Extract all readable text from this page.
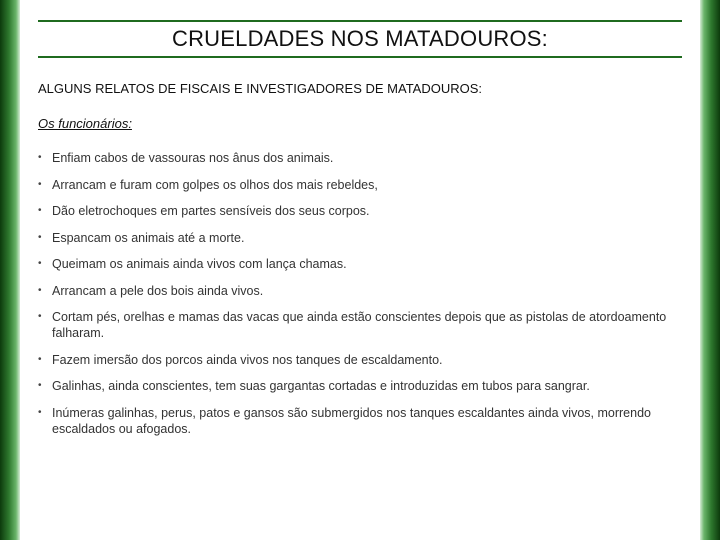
CRUELDADES NOS MATADOUROS:
ALGUNS RELATOS DE FISCAIS E INVESTIGADORES DE MATADOUROS:
Os funcionários:
• Enfiam cabos de vassouras nos ânus dos animais.
• Arrancam e furam com golpes os olhos dos mais rebeldes,
• Dão eletrochoques em partes sensíveis dos seus corpos.
• Espancam os animais até a morte.
• Queimam os animais ainda vivos com lança chamas.
• Arrancam a pele dos bois ainda vivos.
• Cortam pés, orelhas e mamas das vacas que ainda estão conscientes depois que as pistolas de atordoamento falharam.
• Fazem imersão dos porcos ainda vivos nos tanques de escaldamento.
• Galinhas, ainda conscientes, tem suas gargantas cortadas e introduzidas em tubos para sangrar.
• Inúmeras galinhas, perus, patos e gansos são submergidos nos tanques escaldantes ainda vivos, morrendo escaldados ou afogados.
